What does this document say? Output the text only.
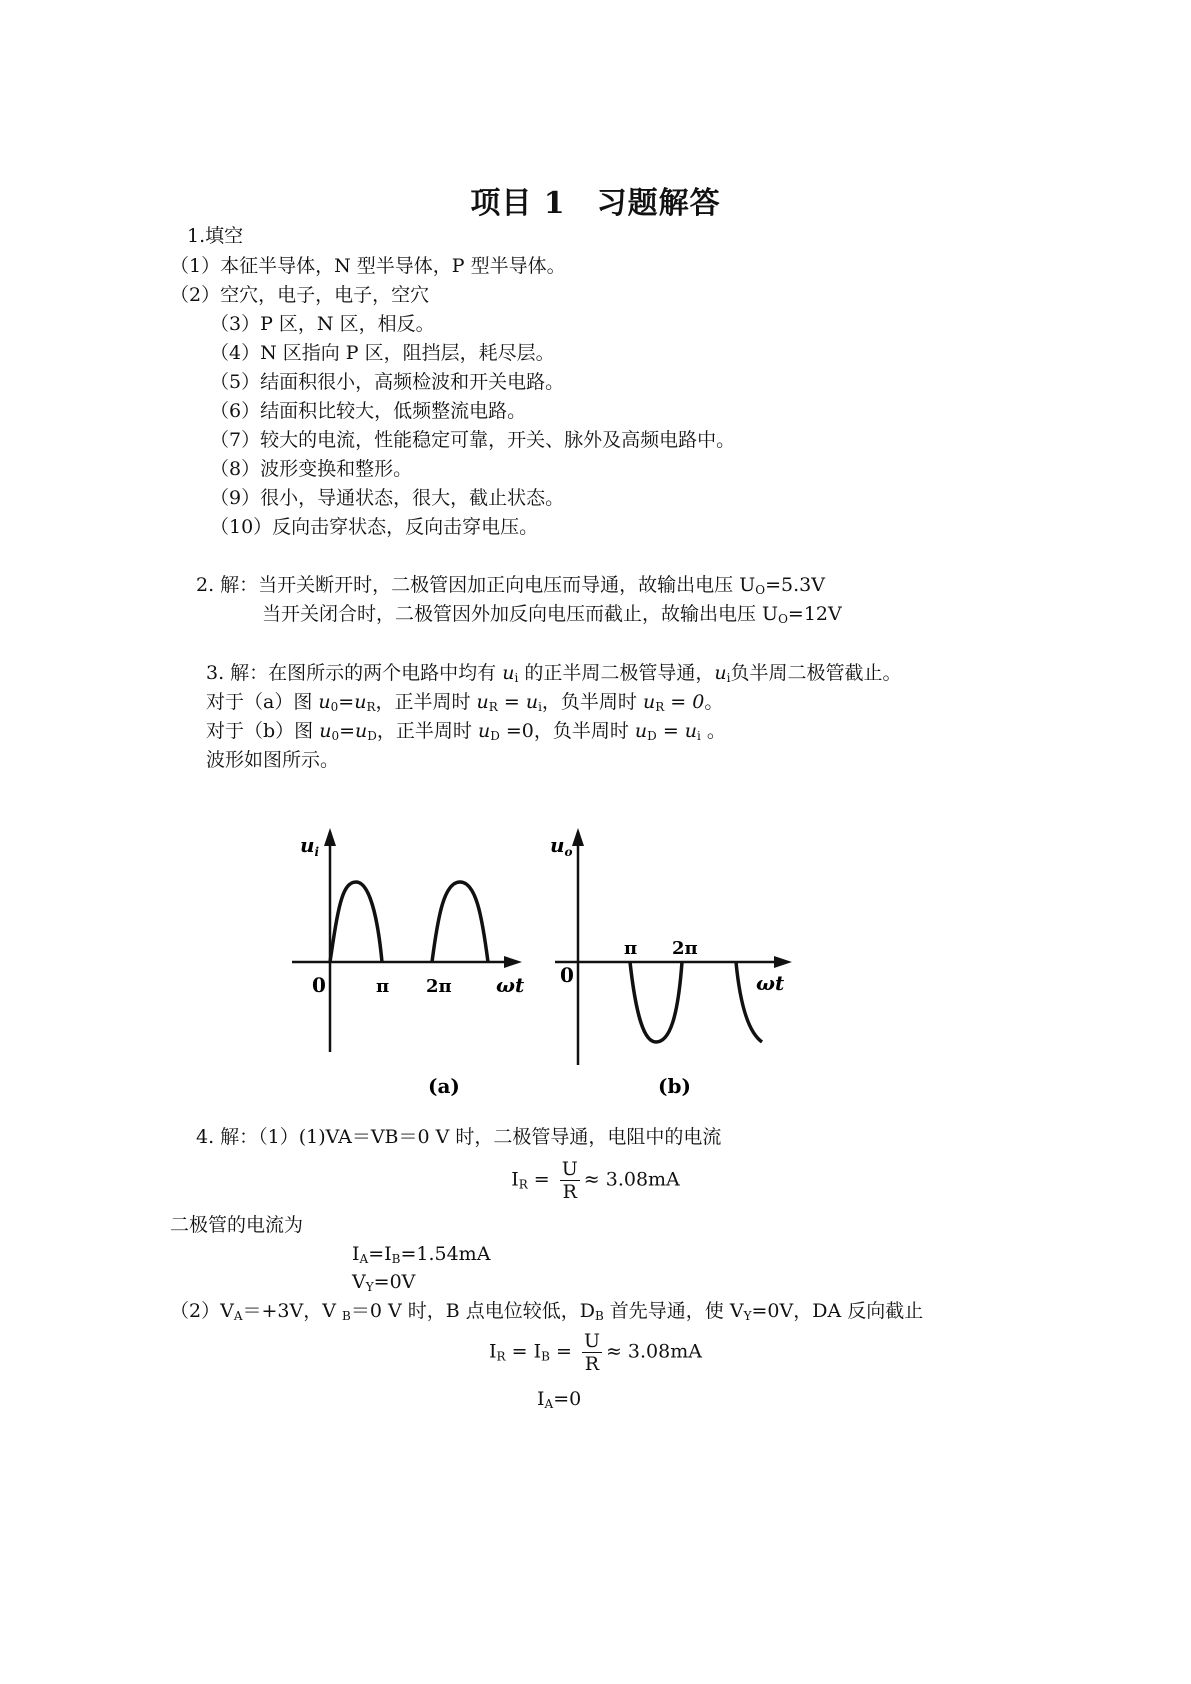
项目 1　习题解答
1.填空
（1）本征半导体，N 型半导体，P 型半导体。
（2）空穴，电子，电子，空穴
（3）P 区，N 区，相反。
（4）N 区指向 P 区，阻挡层，耗尽层。
（5）结面积很小，高频检波和开关电路。
（6）结面积比较大，低频整流电路。
（7）较大的电流，性能稳定可靠，开关、脉外及高频电路中。
（8）波形变换和整形。
（9）很小，导通状态，很大，截止状态。
（10）反向击穿状态，反向击穿电压。
2. 解：当开关断开时，二极管因加正向电压而导通，故输出电压 $U_O=5.3V$
当开关闭合时，二极管因外加反向电压而截止，故输出电压 $U_O=12V$
3. 解：在图所示的两个电路中均有 $u_i$ 的正半周二极管导通，$u_i$负半周二极管截止。
对于（a）图 $u_0=u_R$，正半周时 $u_R = u_i$，负半周时 $u_R = 0$。
对于（b）图 $u_0=u_D$，正半周时 $u_D =0$，负半周时 $u_D = u_i$ 。
波形如图所示。
$u_i$
0	π 2π ωt
(a)
$u_o$
0
π 2π
ωt
(b)
4. 解：（1）(1)VA＝VB＝0 V 时，二极管导通，电阻中的电流
$I_R = \frac{U}{R} \approx 3.08mA$
二极管的电流为
$I_A=I_B=1.54mA$
$V_Y=0V$
$(2)V_A=+3V$，V $_B$＝0 V 时，B 点电位较低，$D_B$ 首先导通，使 $V_Y=0V$，DA 反向截止
$I_R = I_B = \frac{U}{R} \approx 3.08mA$
$I_A=0$
